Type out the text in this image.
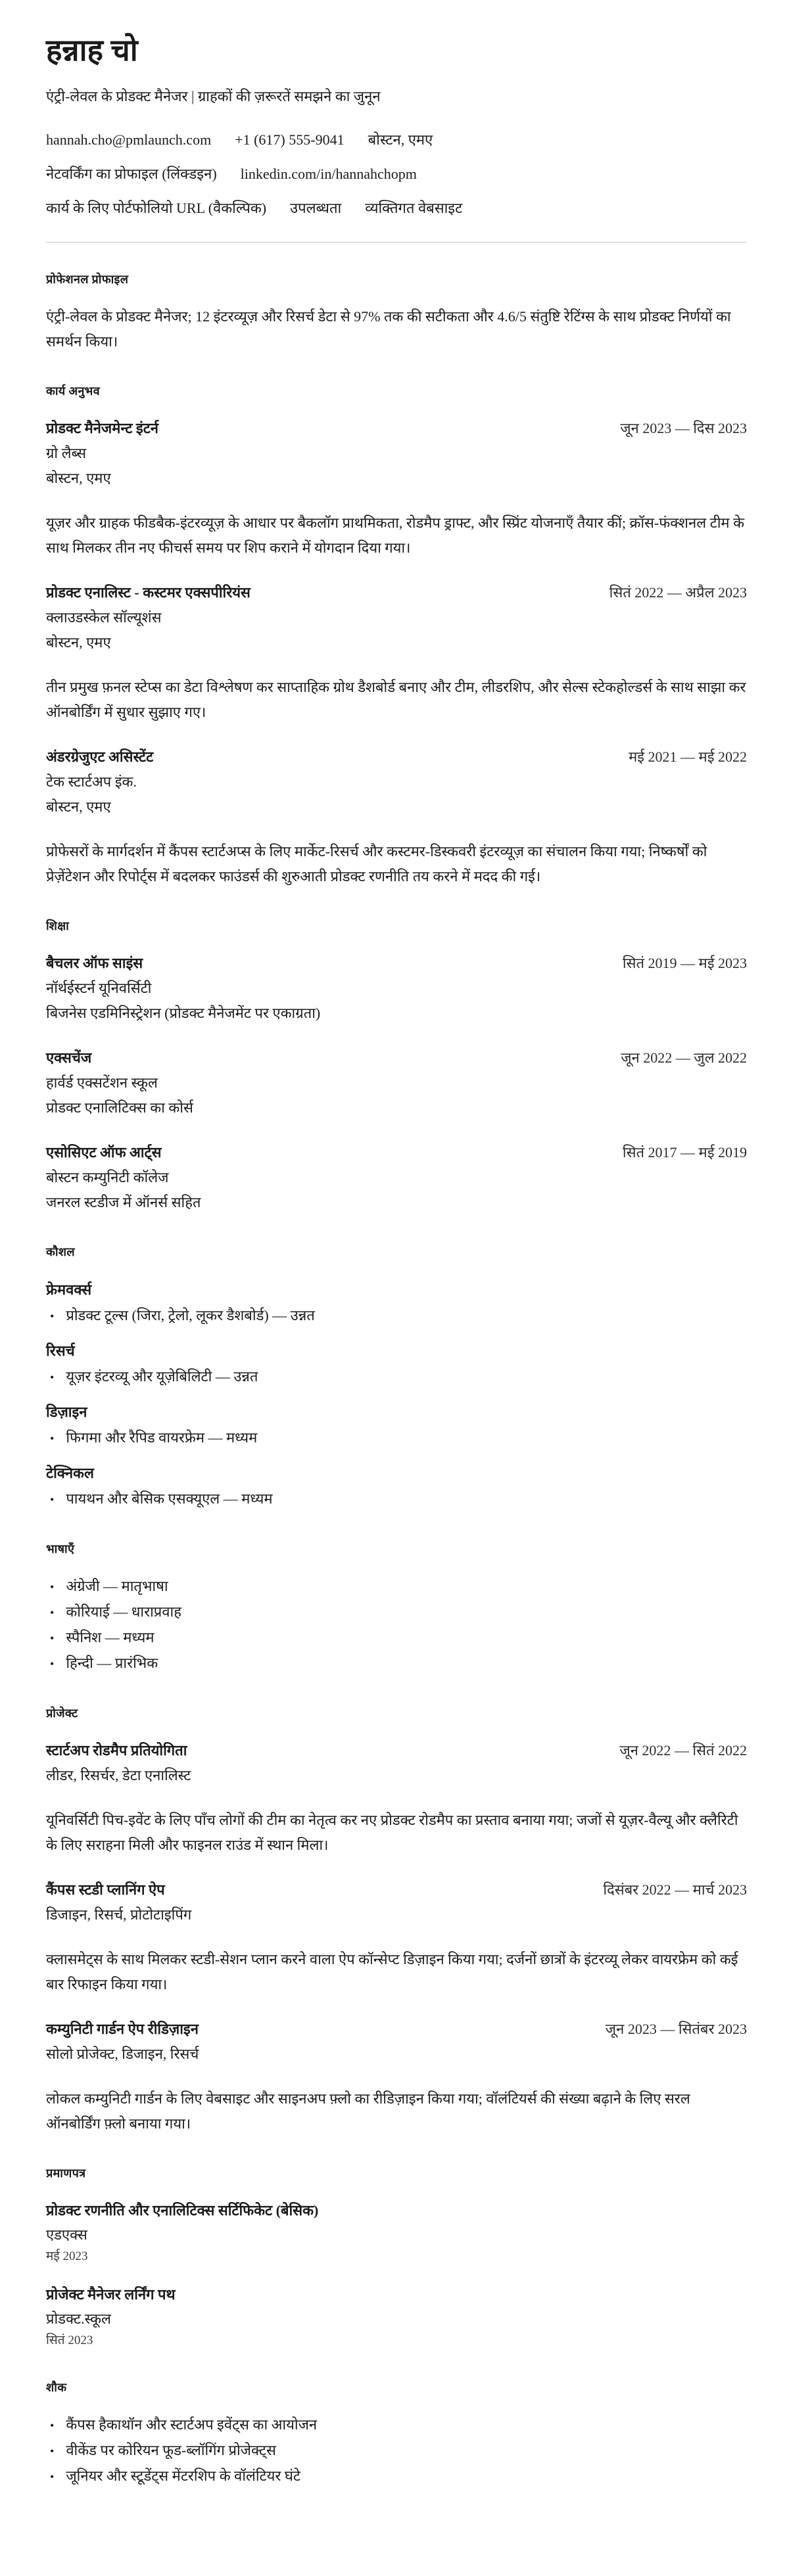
हन्नाह चो

एंट्री-लेवल के प्रोडक्ट मैनेजर | ग्राहकों की ज़रूरतें समझने का जुनून

hannah.cho@pmlaunch.com +1 (617) 555-9041 बोस्टन, एमए
नेटवर्किंग का प्रोफाइल (लिंक्डइन) linkedin.com/in/hannahchopm
कार्य के लिए पोर्टफोलियो URL (वैकल्पिक) उपलब्धता व्यक्तिगत वेबसाइट
प्रोफेशनल प्रोफाइल

एंट्री-लेवल के प्रोडक्ट मैनेजर; 12 इंटरव्यूज़ और रिसर्च डेटा से 97% तक की सटीकता और 4.6/5 संतुष्टि रेटिंग्स के साथ प्रोडक्ट निर्णयों का समर्थन किया।

कार्य अनुभव
प्रोडक्ट मैनेजमेन्ट इंटर्न	जून 2023 — दिस 2023
ग्रो लैब्स
बोस्टन, एमए

यूज़र और ग्राहक फीडबैक-इंटरव्यूज़ के आधार पर बैकलॉग प्राथमिकता, रोडमैप ड्राफ्ट, और स्प्रिंट योजनाएँ तैयार कीं; क्रॉस-फंक्शनल टीम के साथ मिलकर तीन नए फीचर्स समय पर शिप कराने में योगदान दिया गया।

प्रोडक्ट एनालिस्ट - कस्टमर एक्सपीरियंस	सितं 2022 — अप्रैल 2023
क्लाउडस्केल सॉल्यूशंस
बोस्टन, एमए

तीन प्रमुख फ़नल स्टेप्स का डेटा विश्लेषण कर साप्ताहिक ग्रोथ डैशबोर्ड बनाए और टीम, लीडरशिप, और सेल्स स्टेकहोल्डर्स के साथ साझा कर ऑनबोर्डिंग में सुधार सुझाए गए।

अंडरग्रेजुएट असिस्टेंट	मई 2021 — मई 2022
टेक स्टार्टअप इंक.
बोस्टन, एमए

प्रोफेसरों के मार्गदर्शन में कैंपस स्टार्टअप्स के लिए मार्केट-रिसर्च और कस्टमर-डिस्कवरी इंटरव्यूज़ का संचालन किया गया; निष्कर्षों को प्रेज़ेंटेशन और रिपोर्ट्स में बदलकर फाउंडर्स की शुरुआती प्रोडक्ट रणनीति तय करने में मदद की गई।

शिक्षा
बैचलर ऑफ साइंस	सितं 2019 — मई 2023
नॉर्थईस्टर्न यूनिवर्सिटी
बिजनेस एडमिनिस्ट्रेशन (प्रोडक्ट मैनेजमेंट पर एकाग्रता)
एक्सचेंज	जून 2022 — जुल 2022
हार्वर्ड एक्सटेंशन स्कूल
प्रोडक्ट एनालिटिक्स का कोर्स
एसोसिएट ऑफ आर्ट्स	सितं 2017 — मई 2019
बोस्टन कम्युनिटी कॉलेज
जनरल स्टडीज में ऑनर्स सहित
कौशल
फ्रेमवर्क्स
• प्रोडक्ट टूल्स (जिरा, ट्रेलो, लूकर डैशबोर्ड) — उन्नत
रिसर्च
• यूज़र इंटरव्यू और यूज़ेबिलिटी — उन्नत
डिज़ाइन
• फिगमा और रैपिड वायरफ्रेम — मध्यम
टेक्निकल
• पायथन और बेसिक एसक्यूएल — मध्यम
भाषाएँ
• अंग्रेजी — मातृभाषा
• कोरियाई — धाराप्रवाह
• स्पैनिश — मध्यम
• हिन्दी — प्रारंभिक
प्रोजेक्ट
स्टार्टअप रोडमैप प्रतियोगिता	जून 2022 — सितं 2022
लीडर, रिसर्चर, डेटा एनालिस्ट

यूनिवर्सिटी पिच-इवेंट के लिए पाँच लोगों की टीम का नेतृत्व कर नए प्रोडक्ट रोडमैप का प्रस्ताव बनाया गया; जजों से यूज़र-वैल्यू और क्लैरिटी के लिए सराहना मिली और फाइनल राउंड में स्थान मिला।

कैंपस स्टडी प्लानिंग ऐप	दिसंबर 2022 — मार्च 2023
डिजाइन, रिसर्च, प्रोटोटाइपिंग

क्लासमेट्स के साथ मिलकर स्टडी-सेशन प्लान करने वाला ऐप कॉन्सेप्ट डिज़ाइन किया गया; दर्जनों छात्रों के इंटरव्यू लेकर वायरफ्रेम को कई बार रिफाइन किया गया।

कम्युनिटी गार्डन ऐप रीडिज़ाइन	जून 2023 — सितंबर 2023
सोलो प्रोजेक्ट, डिजाइन, रिसर्च

लोकल कम्युनिटी गार्डन के लिए वेबसाइट और साइनअप फ़्लो का रीडिज़ाइन किया गया; वॉलंटियर्स की संख्या बढ़ाने के लिए सरल ऑनबोर्डिंग फ़्लो बनाया गया।

प्रमाणपत्र
प्रोडक्ट रणनीति और एनालिटिक्स सर्टिफिकेट (बेसिक)
एडएक्स
मई 2023
प्रोजेक्ट मैनेजर लर्निंग पथ
प्रोडक्ट.स्कूल
सितं 2023
शौक
• कैंपस हैकाथॉन और स्टार्टअप इवेंट्स का आयोजन
• वीकेंड पर कोरियन फूड-ब्लॉगिंग प्रोजेक्ट्स
• जूनियर और स्टूडेंट्स मेंटरशिप के वॉलंटियर घंटे
